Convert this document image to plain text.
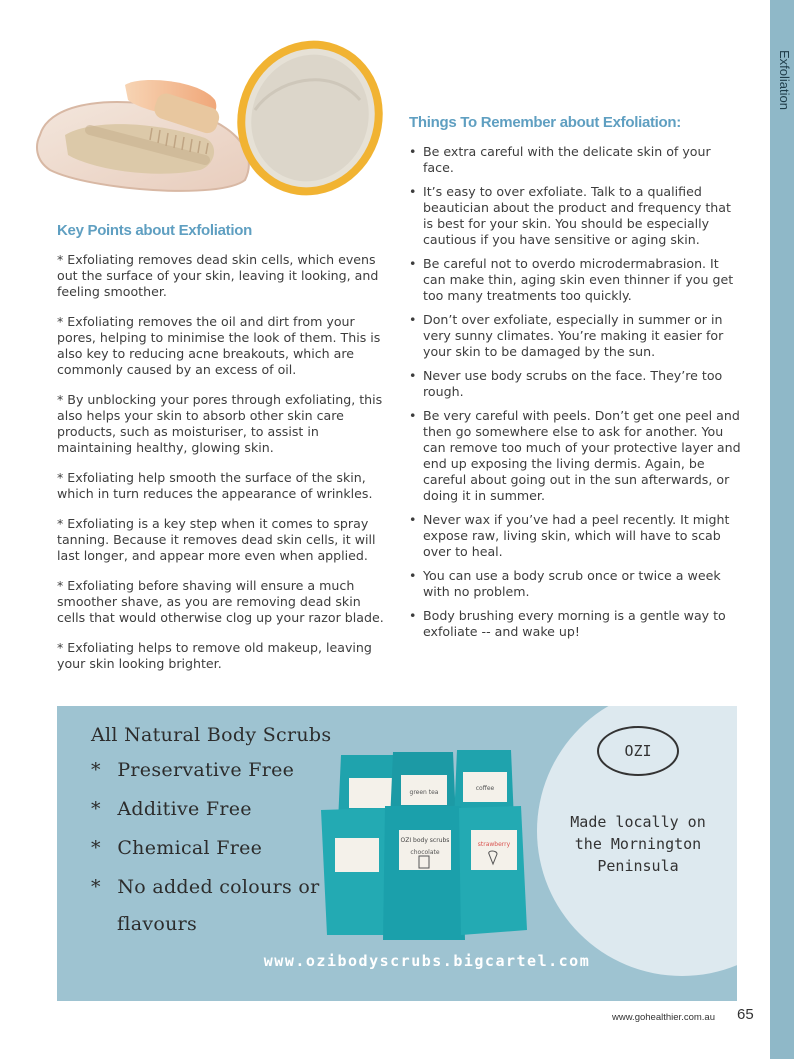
Exfoliation
Key Points about Exfoliation

* Exfoliating removes dead skin cells, which evens out the surface of your skin, leaving it looking, and feeling smoother.

* Exfoliating removes the oil and dirt from your pores, helping to minimise the look of them. This is also key to reducing acne breakouts, which are commonly caused by an excess of oil.

* By unblocking your pores through exfoliating, this also helps your skin to absorb other skin care products, such as moisturiser, to assist in maintaining healthy, glowing skin.

* Exfoliating help smooth the surface of the skin, which in turn reduces the appearance of wrinkles.

* Exfoliating is a key step when it comes to spray tanning. Because it removes dead skin cells, it will last longer, and appear more even when applied.

* Exfoliating before shaving will ensure a much smoother shave, as you are removing dead skin cells that would otherwise clog up your razor blade.

* Exfoliating helps to remove old makeup, leaving your skin looking brighter.

Things To Remember about Exfoliation:
• Be extra careful with the delicate skin of your face.
• It’s easy to over exfoliate. Talk to a qualified beautician about the product and frequency that is best for your skin. You should be especially cautious if you have sensitive or aging skin.
• Be careful not to overdo microdermabrasion. It can make thin, aging skin even thinner if you get too many treatments too quickly.
• Don’t over exfoliate, especially in summer or in very sunny climates. You’re making it easier for your skin to be damaged by the sun.
• Never use body scrubs on the face. They’re too rough.
• Be very careful with peels. Don’t get one peel and then go somewhere else to ask for another. You can remove too much of your protective layer and end up exposing the living dermis. Again, be careful about going out in the sun afterwards, or doing it in summer.
• Never wax if you’ve had a peel recently. It might expose raw, living skin, which will have to scab over to heal.
• You can use a body scrub once or twice a week with no problem.
• Body brushing every morning is a gentle way to exfoliate -- and wake up!
OZI
Made locally on the Mornington Peninsula
All Natural Body Scrubs
* Preservative Free
* Additive Free
* Chemical Free
* No added colours or
flavours
green tea
coffee
OZI body scrubs
chocolate
strawberry
www.ozibodyscrubs.bigcartel.com
www.gohealthier.com.au 65
